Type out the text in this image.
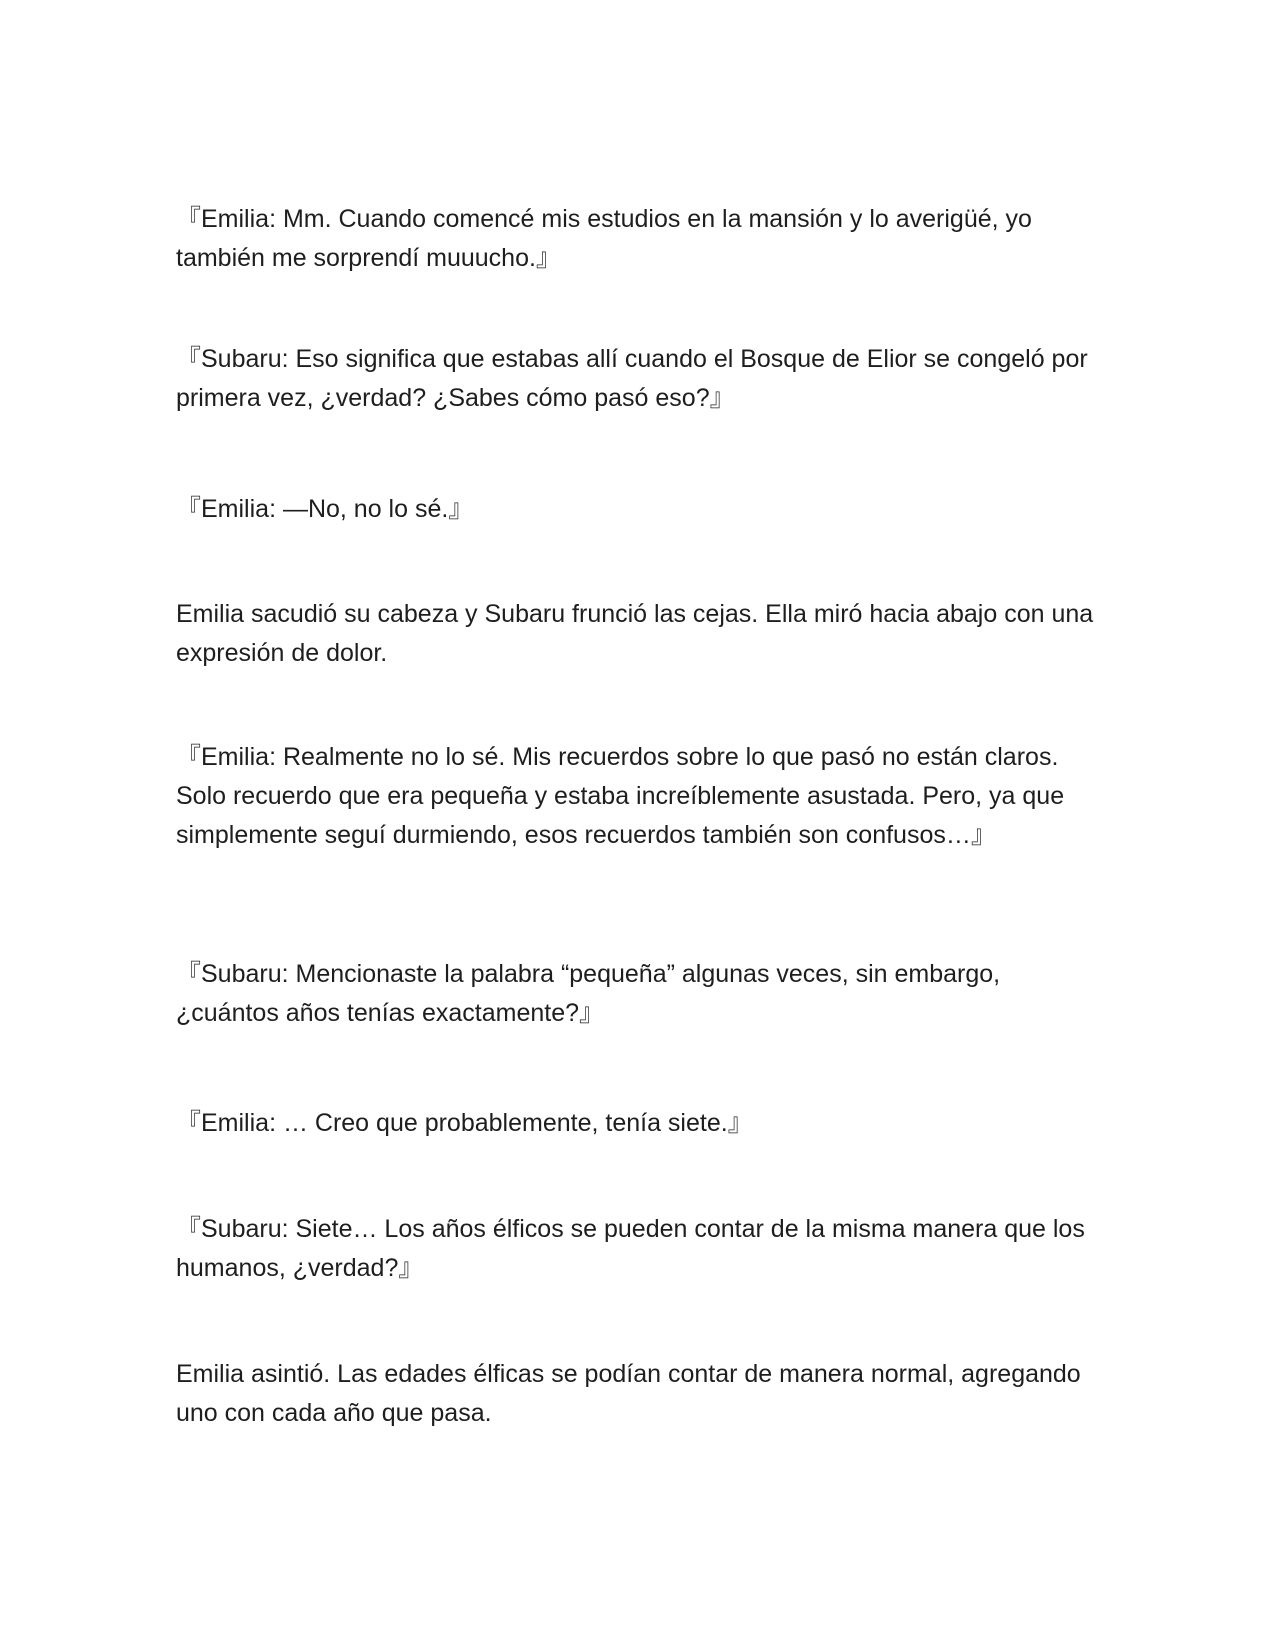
『Emilia: Mm. Cuando comencé mis estudios en la mansión y lo averigüé, yo también me sorprendí muuucho.』

『Subaru: Eso significa que estabas allí cuando el Bosque de Elior se congeló por primera vez, ¿verdad? ¿Sabes cómo pasó eso?』

『Emilia: —No, no lo sé.』

Emilia sacudió su cabeza y Subaru frunció las cejas. Ella miró hacia abajo con una expresión de dolor.

『Emilia: Realmente no lo sé. Mis recuerdos sobre lo que pasó no están claros. Solo recuerdo que era pequeña y estaba increíblemente asustada. Pero, ya que simplemente seguí durmiendo, esos recuerdos también son confusos…』

『Subaru: Mencionaste la palabra “pequeña” algunas veces, sin embargo, ¿cuántos años tenías exactamente?』

『Emilia: … Creo que probablemente, tenía siete.』

『Subaru: Siete… Los años élficos se pueden contar de la misma manera que los humanos, ¿verdad?』

Emilia asintió. Las edades élficas se podían contar de manera normal, agregando uno con cada año que pasa.
